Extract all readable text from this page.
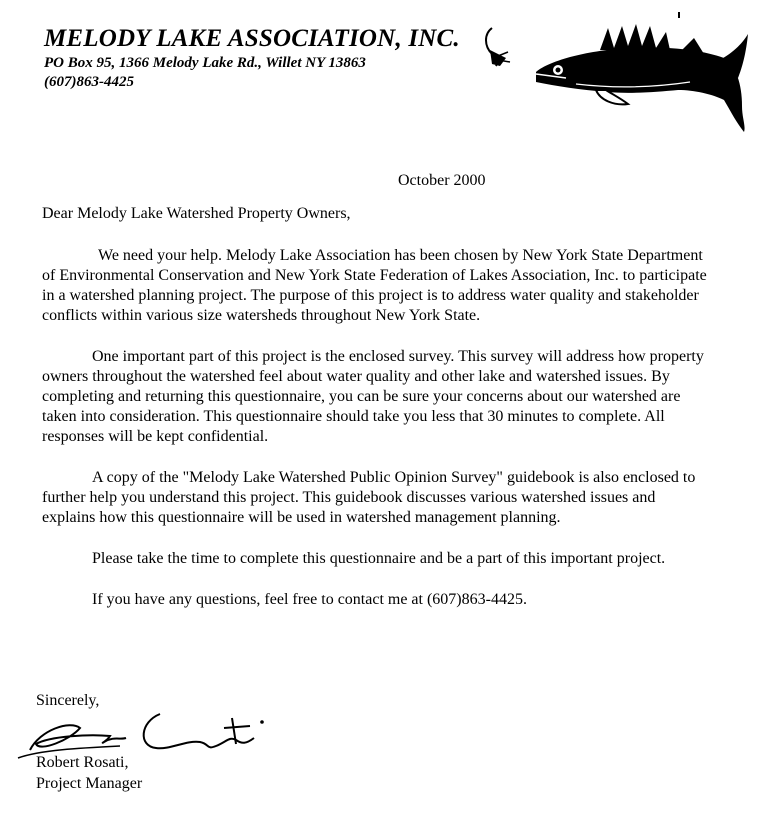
MELODY LAKE ASSOCIATION, INC.
PO Box 95, 1366 Melody Lake Rd., Willet NY 13863
(607)863-4425
October 2000

Dear Melody Lake Watershed Property Owners,

We need your help. Melody Lake Association has been chosen by New York State Department of Environmental Conservation and New York State Federation of Lakes Association, Inc. to participate in a watershed planning project. The purpose of this project is to address water quality and stakeholder conflicts within various size watersheds throughout New York State.

One important part of this project is the enclosed survey. This survey will address how property owners throughout the watershed feel about water quality and other lake and watershed issues. By completing and returning this questionnaire, you can be sure your concerns about our watershed are taken into consideration. This questionnaire should take you less that 30 minutes to complete. All responses will be kept confidential.

A copy of the "Melody Lake Watershed Public Opinion Survey" guidebook is also enclosed to further help you understand this project. This guidebook discusses various watershed issues and explains how this questionnaire will be used in watershed management planning.

Please take the time to complete this questionnaire and be a part of this important project.

If you have any questions, feel free to contact me at (607)863-4425.

Sincerely,
Robert Rosati,
Project Manager
